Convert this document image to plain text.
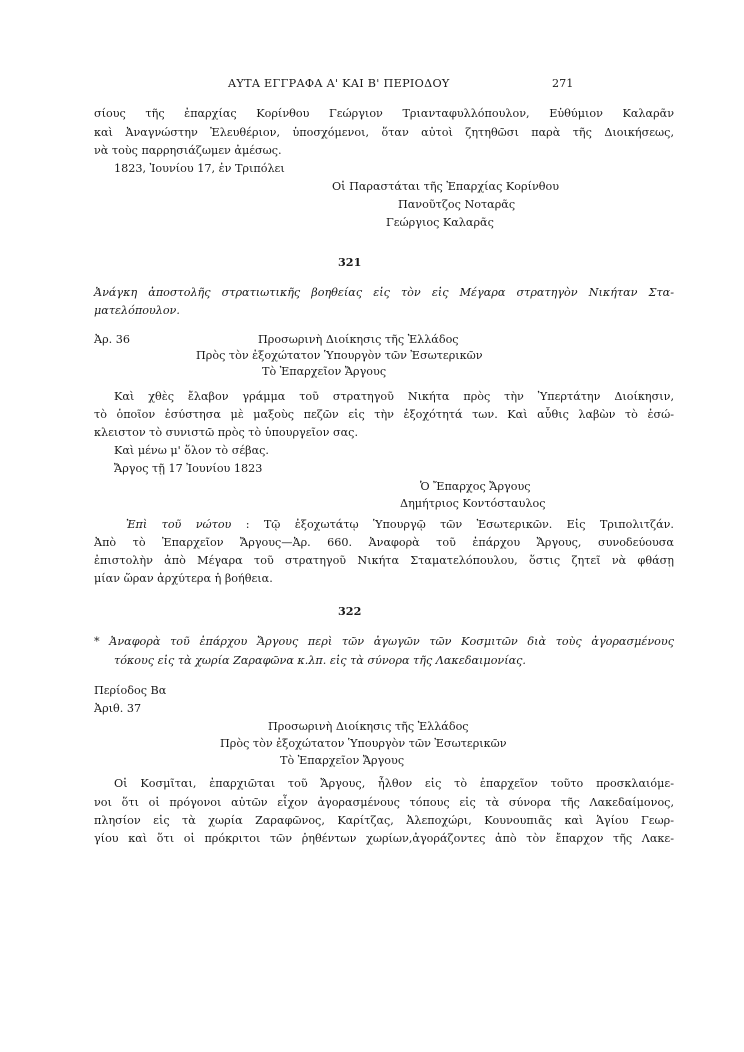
ΑΥΤΑ ΕΓΓΡΑΦΑ Α' ΚΑΙ Β' ΠΕΡΙΟΔΟΥ	271
σίους τῆς ἐπαρχίας Κορίνθου Γεώργιον Τριανταφυλλόπουλον, Εὐθύμιον Καλαρᾶν
καὶ Ἀναγνώστην Ἐλευθέριον, ὑποσχόμενοι, ὅταν αὐτοὶ ζητηθῶσι παρὰ τῆς Διοικήσεως,
νὰ τοὺς παρρησιάζωμεν ἀμέσως.
1823, Ἰουνίου 17, ἐν Τριπόλει
Οἱ Παραστάται τῆς Ἐπαρχίας Κορίνθου
Πανοῦτζος Νοταρᾶς
Γεώργιος Καλαρᾶς
321
Ἀνάγκη ἀποστολῆς στρατιωτικῆς βοηθείας εἰς τὸν εἰς Μέγαρα στρατηγὸν Νικήταν Στα-
ματελόπουλον.
Ἀρ. 36	Προσωρινὴ Διοίκησις τῆς Ἑλλάδος
Πρὸς τὸν ἐξοχώτατον Ὑπουργὸν τῶν Ἐσωτερικῶν
Τὸ Ἐπαρχεῖον Ἄργους
Καὶ χθὲς ἔλαβον γράμμα τοῦ στρατηγοῦ Νικήτα πρὸς τὴν Ὑπερτάτην Διοίκησιν,
τὸ ὁποῖον ἐσύστησα μὲ μαξοὺς πεζῶν εἰς τὴν ἐξοχότητά των. Καὶ αὖθις λαβὼν τὸ ἐσώ-
κλειστον τὸ συνιστῶ πρὸς τὸ ὑπουργεῖον σας.
Καὶ μένω μ' ὅλον τὸ σέβας.
Ἄργος τῇ 17 Ἰουνίου 1823
Ὁ Ἔπαρχος Ἄργους
Δημήτριος Κοντόσταυλος
Ἐπὶ τοῦ νώτου : Τῷ ἐξοχωτάτῳ Ὑπουργῷ τῶν Ἐσωτερικῶν. Εἰς Τριπολιτζάν.
Ἀπὸ τὸ Ἐπαρχεῖον Ἄργους—Ἀρ. 660. Ἀναφορὰ τοῦ ἐπάρχου Ἄργους, συνοδεύουσα
ἐπιστολὴν ἀπὸ Μέγαρα τοῦ στρατηγοῦ Νικήτα Σταματελόπουλου, ὅστις ζητεῖ νὰ φθάσῃ
μίαν ὥραν ἀρχύτερα ἡ βοήθεια.
322
* Ἀναφορὰ τοῦ ἐπάρχου Ἄργους περὶ τῶν ἀγωγῶν τῶν Κοσμιτῶν διὰ τοὺς ἀγορασμένους
τόκους εἰς τὰ χωρία Ζαραφῶνα κ.λπ. εἰς τὰ σύνορα τῆς Λακεδαιμονίας.
Περίοδος Βα
Ἀριθ. 37
Προσωρινὴ Διοίκησις τῆς Ἑλλάδος
Πρὸς τὸν ἐξοχώτατον Ὑπουργὸν τῶν Ἐσωτερικῶν
Τὸ Ἐπαρχεῖον Ἄργους
Οἱ Κοσμῖται, ἐπαρχιῶται τοῦ Ἄργους, ἦλθον εἰς τὸ ἐπαρχεῖον τοῦτο προσκλαιόμε-
νοι ὅτι οἱ πρόγονοι αὐτῶν εἶχον ἀγορασμένους τόπους εἰς τὰ σύνορα τῆς Λακεδαίμονος,
πλησίον εἰς τὰ χωρία Ζαραφῶνος, Καρίτζας, Ἀλεποχώρι, Κουνουπιᾶς καὶ Ἁγίου Γεωρ-
γίου καὶ ὅτι οἱ πρόκριτοι τῶν ῥηθέντων χωρίων,ἀγοράζοντες ἀπὸ τὸν ἔπαρχον τῆς Λακε-
